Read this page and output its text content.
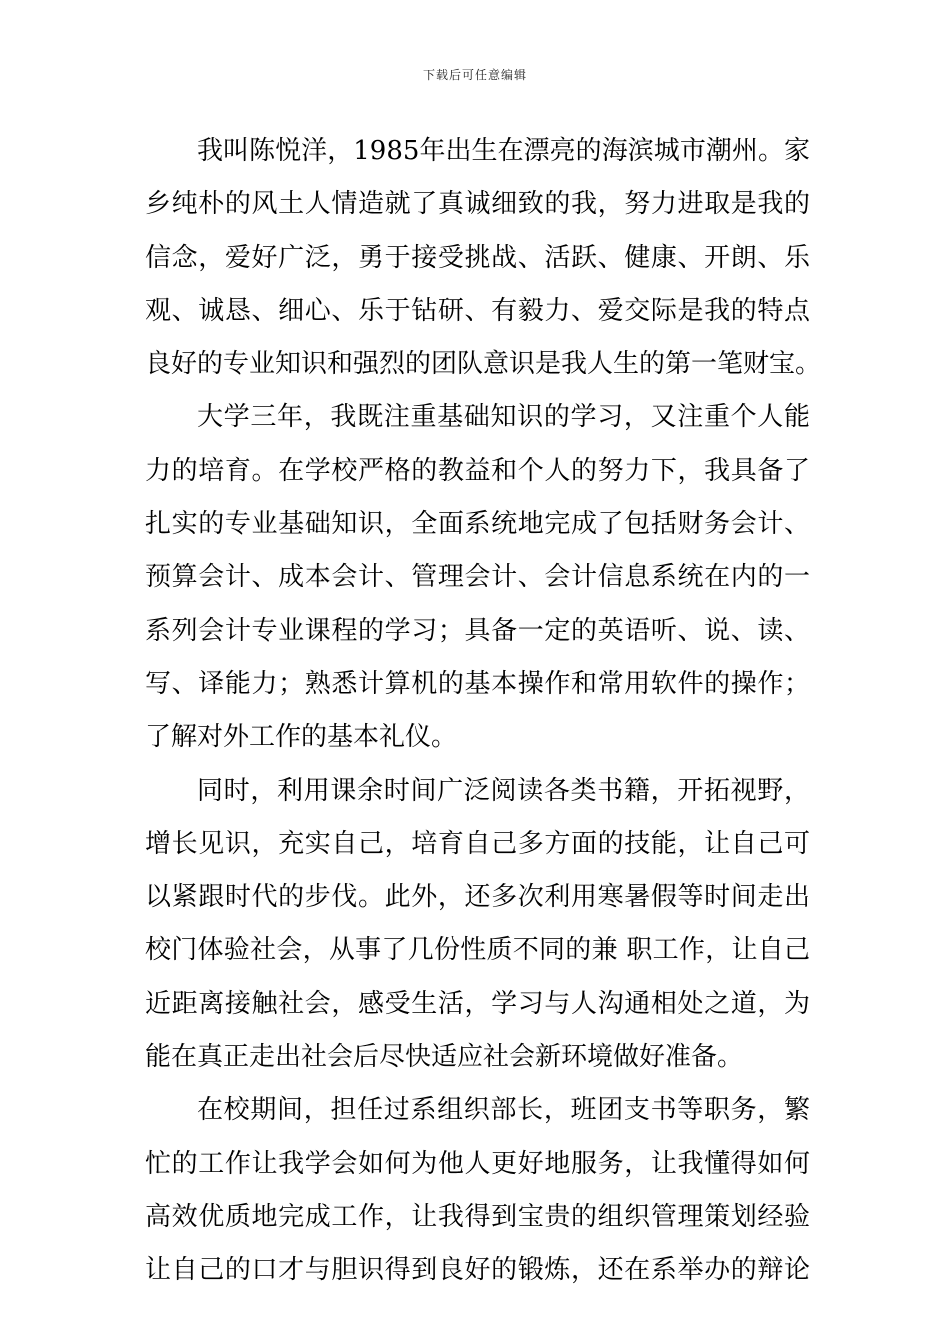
下载后可任意编辑
我叫陈悦洋，1985年出生在漂亮的海滨城市潮州。家
乡纯朴的风土人情造就了真诚细致的我，努力进取是我的
信念，爱好广泛，勇于接受挑战、活跃、健康、开朗、乐
观、诚恳、细心、乐于钻研、有毅力、爱交际是我的特点
良好的专业知识和强烈的团队意识是我人生的第一笔财宝。
大学三年，我既注重基础知识的学习，又注重个人能
力的培育。在学校严格的教益和个人的努力下，我具备了
扎实的专业基础知识，全面系统地完成了包括财务会计、
预算会计、成本会计、管理会计、会计信息系统在内的一
系列会计专业课程的学习；具备一定的英语听、说、读、
写、译能力；熟悉计算机的基本操作和常用软件的操作；
了解对外工作的基本礼仪。
同时，利用课余时间广泛阅读各类书籍，开拓视野，
增长见识，充实自己，培育自己多方面的技能，让自己可
以紧跟时代的步伐。此外，还多次利用寒暑假等时间走出
校门体验社会，从事了几份性质不同的兼 职工作，让自己
近距离接触社会，感受生活，学习与人沟通相处之道，为
能在真正走出社会后尽快适应社会新环境做好准备。
在校期间，担任过系组织部长，班团支书等职务，繁
忙的工作让我学会如何为他人更好地服务，让我懂得如何
高效优质地完成工作，让我得到宝贵的组织管理策划经验
让自己的口才与胆识得到良好的锻炼，还在系举办的辩论
